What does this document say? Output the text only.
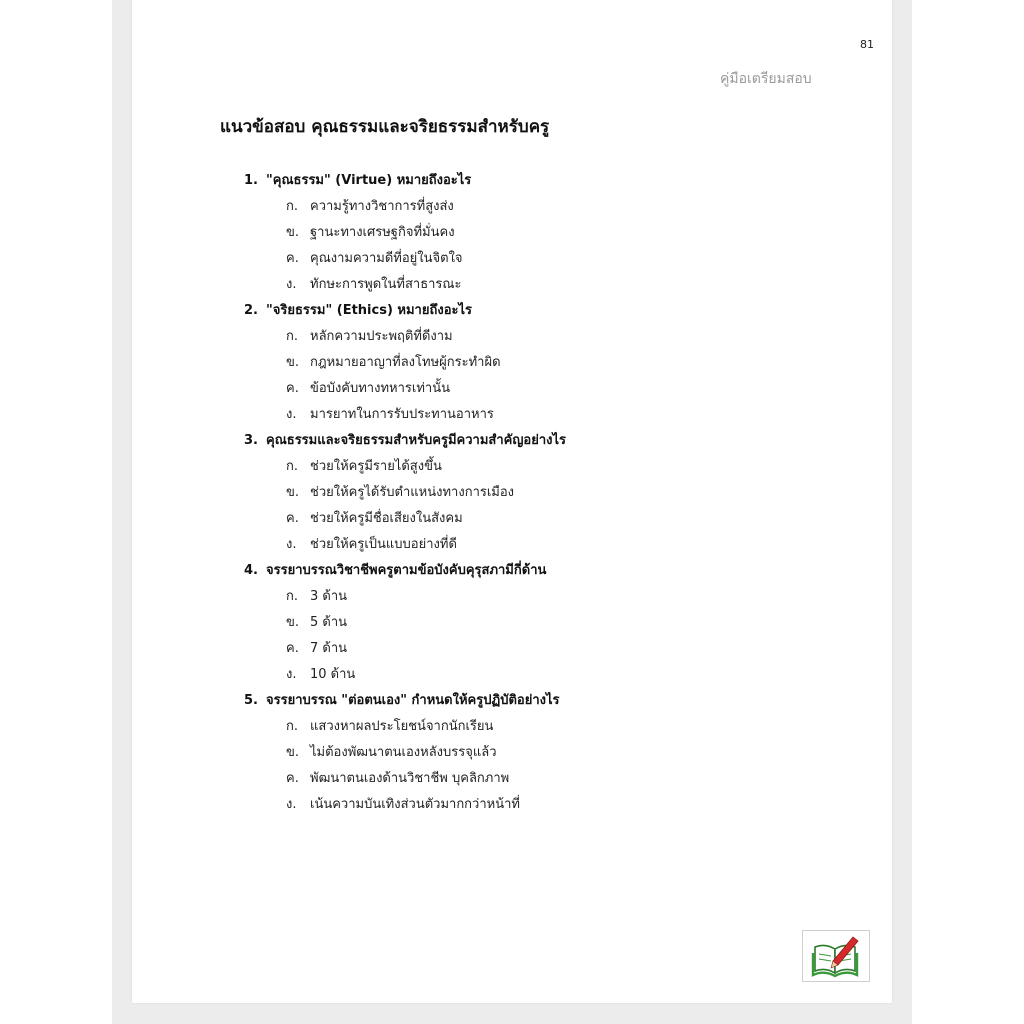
81
คู่มือเตรียมสอบ
แนวข้อสอบ คุณธรรมและจริยธรรมสำหรับครู
1. "คุณธรรม" (Virtue) หมายถึงอะไร
ก. ความรู้ทางวิชาการที่สูงส่ง
ข. ฐานะทางเศรษฐกิจที่มั่นคง
ค. คุณงามความดีที่อยู่ในจิตใจ
ง. ทักษะการพูดในที่สาธารณะ
2. "จริยธรรม" (Ethics) หมายถึงอะไร
ก. หลักความประพฤติที่ดีงาม
ข. กฎหมายอาญาที่ลงโทษผู้กระทำผิด
ค. ข้อบังคับทางทหารเท่านั้น
ง. มารยาทในการรับประทานอาหาร
3. คุณธรรมและจริยธรรมสำหรับครูมีความสำคัญอย่างไร
ก. ช่วยให้ครูมีรายได้สูงขึ้น
ข. ช่วยให้ครูได้รับตำแหน่งทางการเมือง
ค. ช่วยให้ครูมีชื่อเสียงในสังคม
ง. ช่วยให้ครูเป็นแบบอย่างที่ดี
4. จรรยาบรรณวิชาชีพครูตามข้อบังคับคุรุสภามีกี่ด้าน
ก. 3 ด้าน
ข. 5 ด้าน
ค. 7 ด้าน
ง. 10 ด้าน
5. จรรยาบรรณ "ต่อตนเอง" กำหนดให้ครูปฏิบัติอย่างไร
ก. แสวงหาผลประโยชน์จากนักเรียน
ข. ไม่ต้องพัฒนาตนเองหลังบรรจุแล้ว
ค. พัฒนาตนเองด้านวิชาชีพ บุคลิกภาพ
ง. เน้นความบันเทิงส่วนตัวมากกว่าหน้าที่
